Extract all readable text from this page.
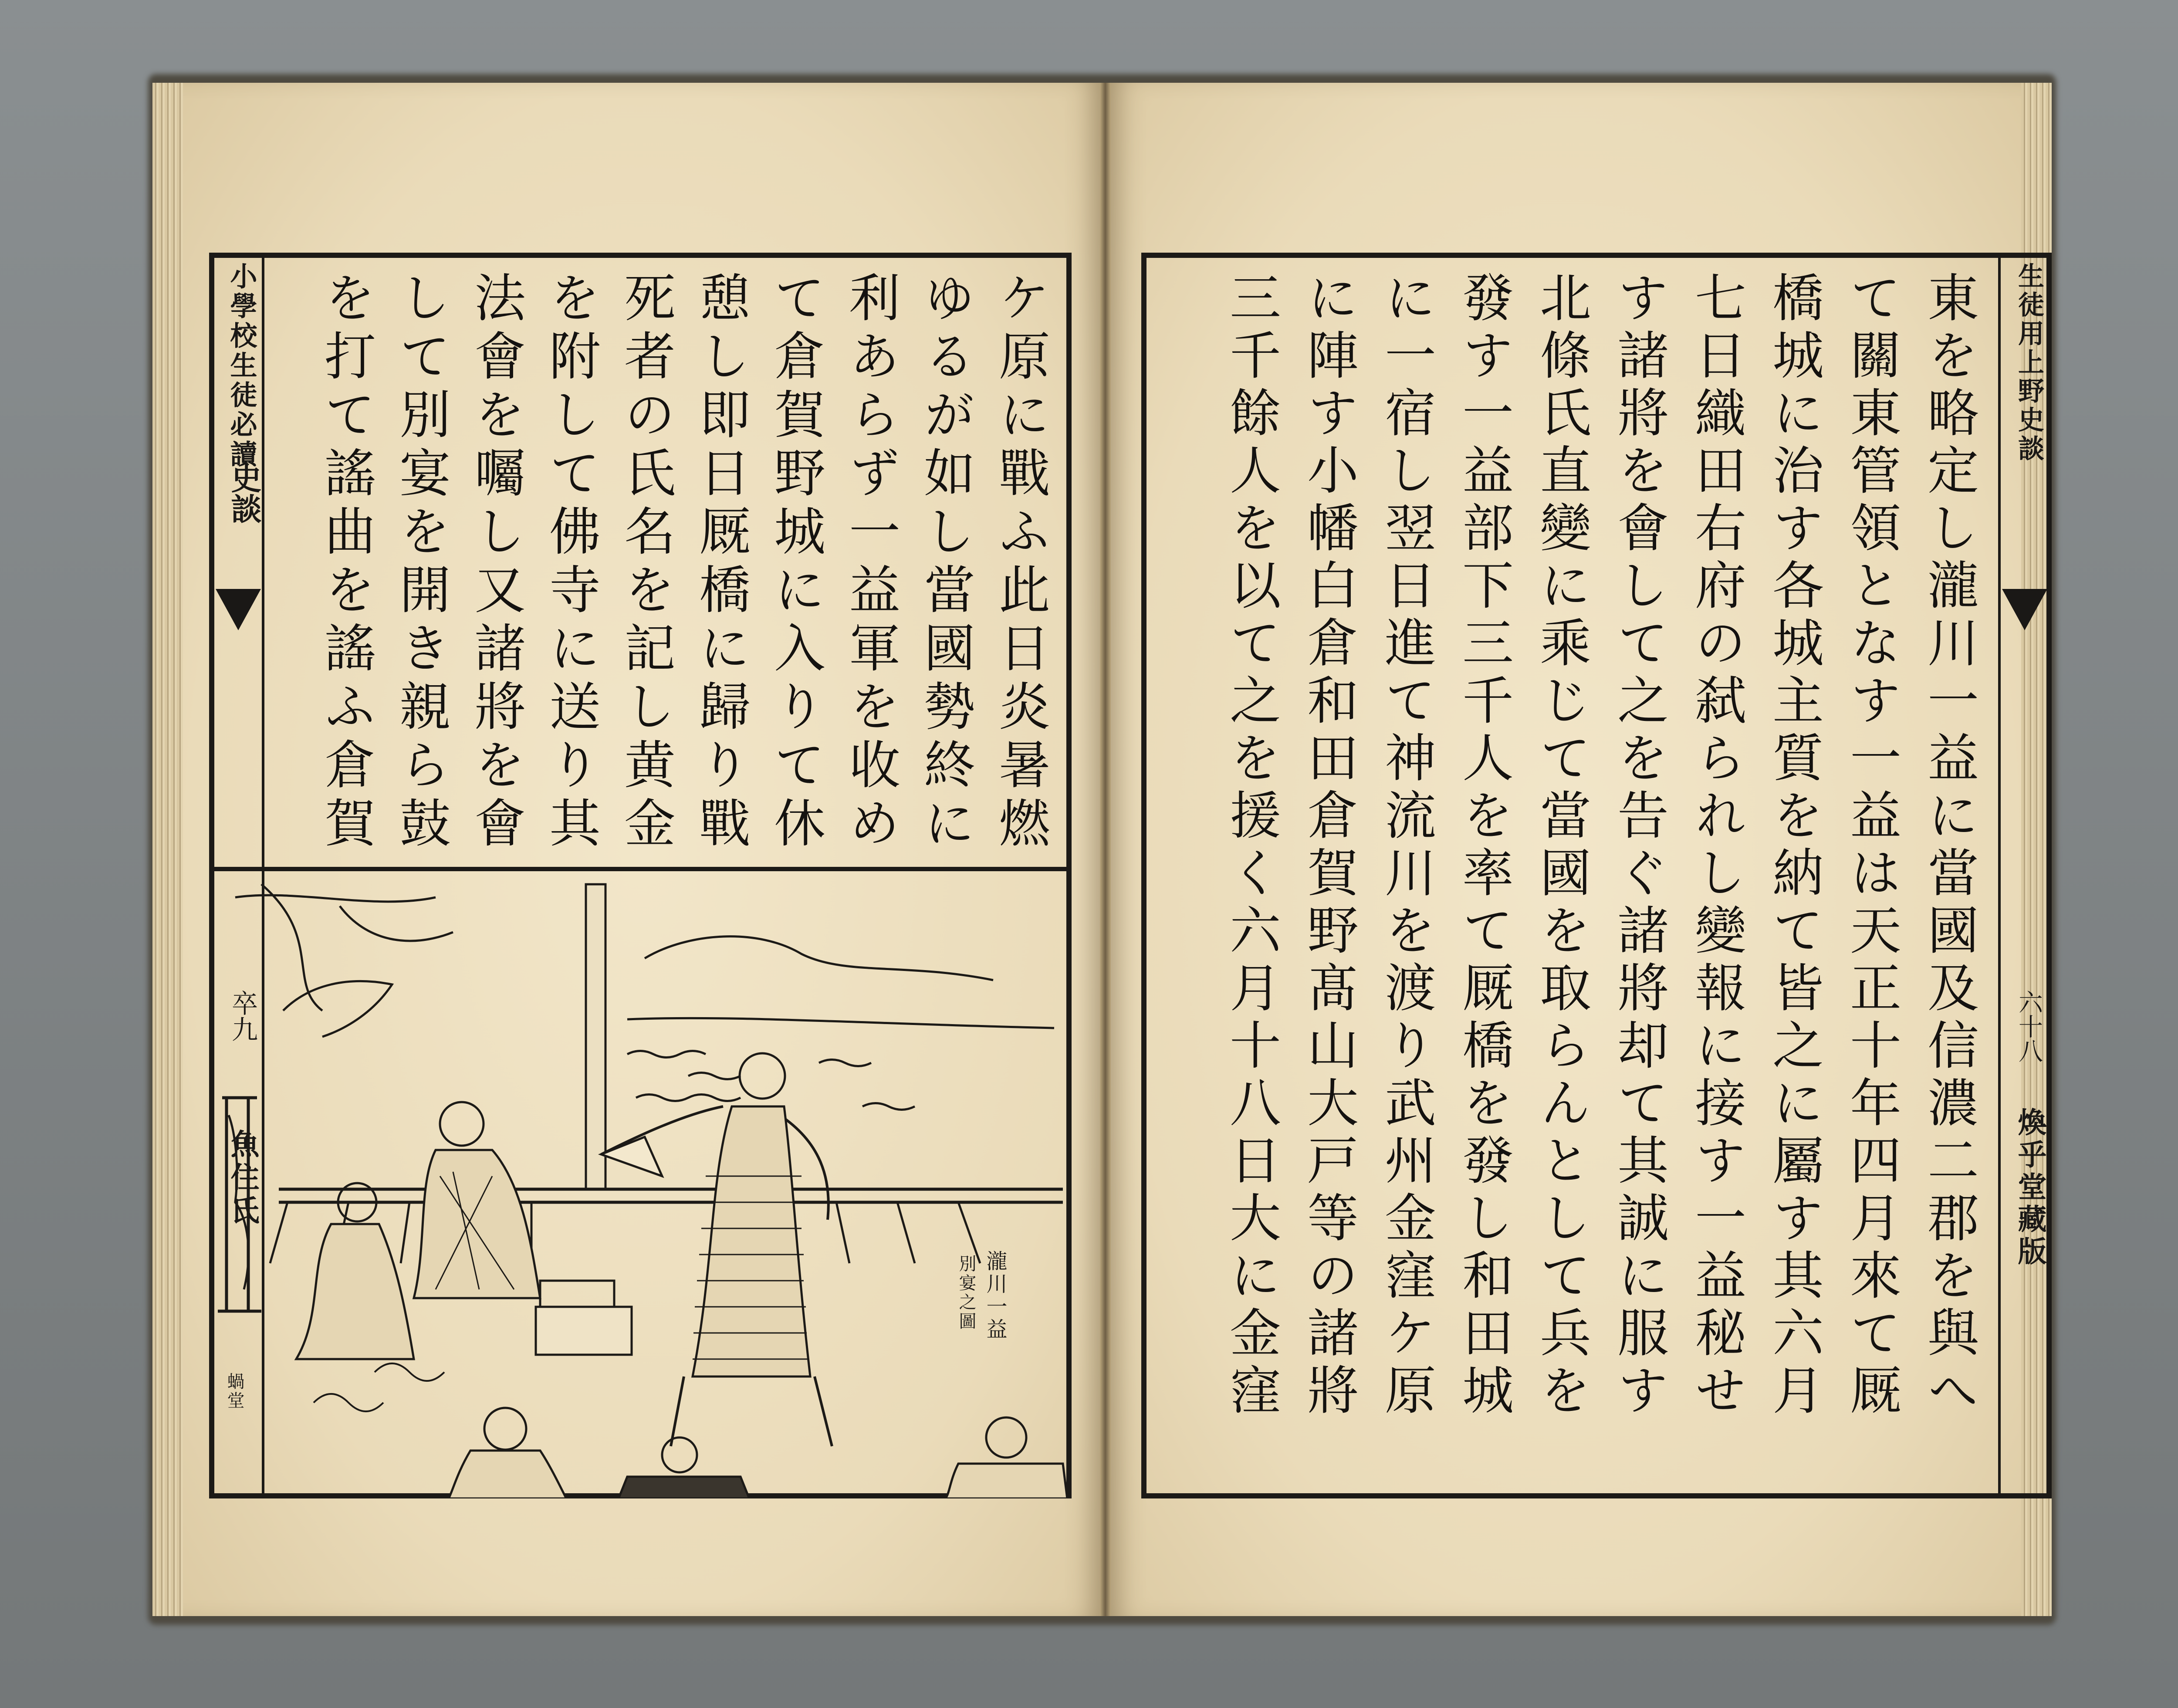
小學校生徒必讀
史談
卒九
魚住氏
ケ原に戰ふ此日炎暑燃
ゆるが如し當國勢終に
利あらず一益軍を收め
て倉賀野城に入りて休
憩し即日厩橋に歸り戰
死者の氏名を記し黄金
を附して佛寺に送り其
法會を囑し又諸將を會
して別宴を開き親ら鼓
を打て謠曲を謠ふ倉賀
瀧川一益
別宴之圖
蝸堂
生徒用上野史談
六十八
煥乎堂藏版
東を略定し瀧川一益に當國及信濃二郡を與へ
て關東管領となす一益は天正十年四月來て厩
橋城に治す各城主質を納て皆之に屬す其六月
七日織田右府の弑られし變報に接す一益秘せ
す諸將を會して之を告ぐ諸將却て其誠に服す
北條氏直變に乘じて當國を取らんとして兵を
發す一益部下三千人を率て厩橋を發し和田城
に一宿し翌日進て神流川を渡り武州金窪ケ原
に陣す小幡白倉和田倉賀野髙山大戸等の諸將
三千餘人を以て之を援く六月十八日大に金窪
